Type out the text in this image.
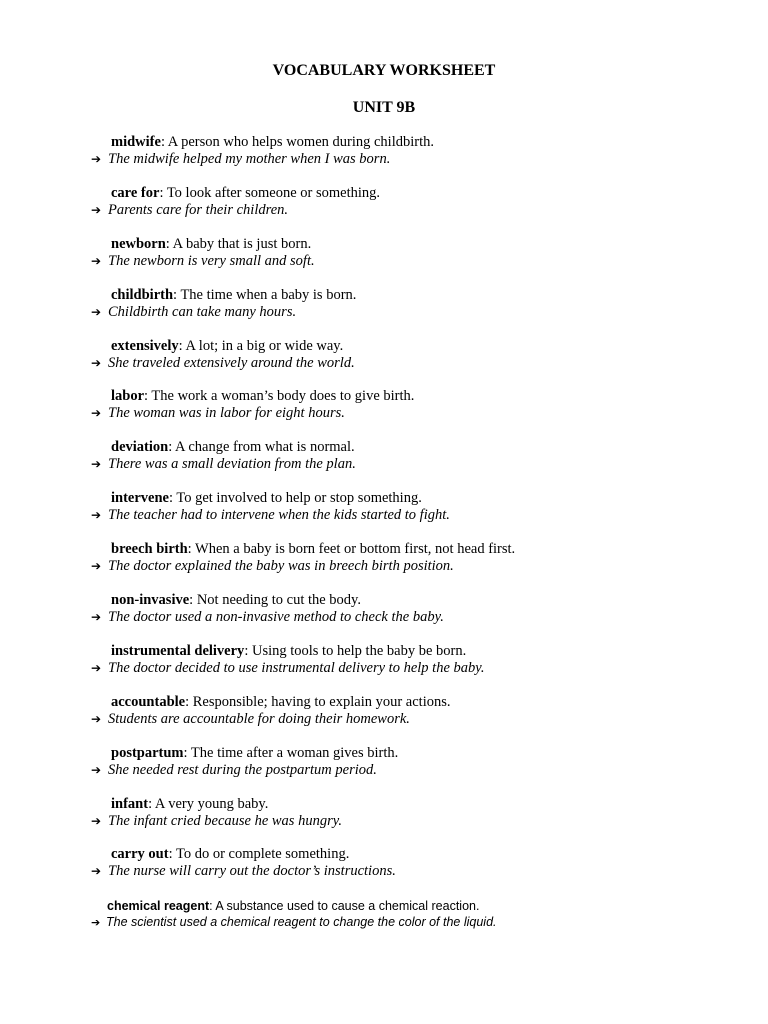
VOCABULARY WORKSHEET
UNIT 9B
midwife: A person who helps women during childbirth.
➔ The midwife helped my mother when I was born.
care for: To look after someone or something.
➔ Parents care for their children.
newborn: A baby that is just born.
➔ The newborn is very small and soft.
childbirth: The time when a baby is born.
➔ Childbirth can take many hours.
extensively: A lot; in a big or wide way.
➔ She traveled extensively around the world.
labor: The work a woman’s body does to give birth.
➔ The woman was in labor for eight hours.
deviation: A change from what is normal.
➔ There was a small deviation from the plan.
intervene: To get involved to help or stop something.
➔ The teacher had to intervene when the kids started to fight.
breech birth: When a baby is born feet or bottom first, not head first.
➔ The doctor explained the baby was in breech birth position.
non-invasive: Not needing to cut the body.
➔ The doctor used a non-invasive method to check the baby.
instrumental delivery: Using tools to help the baby be born.
➔ The doctor decided to use instrumental delivery to help the baby.
accountable: Responsible; having to explain your actions.
➔ Students are accountable for doing their homework.
postpartum: The time after a woman gives birth.
➔ She needed rest during the postpartum period.
infant: A very young baby.
➔ The infant cried because he was hungry.
carry out: To do or complete something.
➔ The nurse will carry out the doctor’s instructions.
chemical reagent: A substance used to cause a chemical reaction.
➔ The scientist used a chemical reagent to change the color of the liquid.
